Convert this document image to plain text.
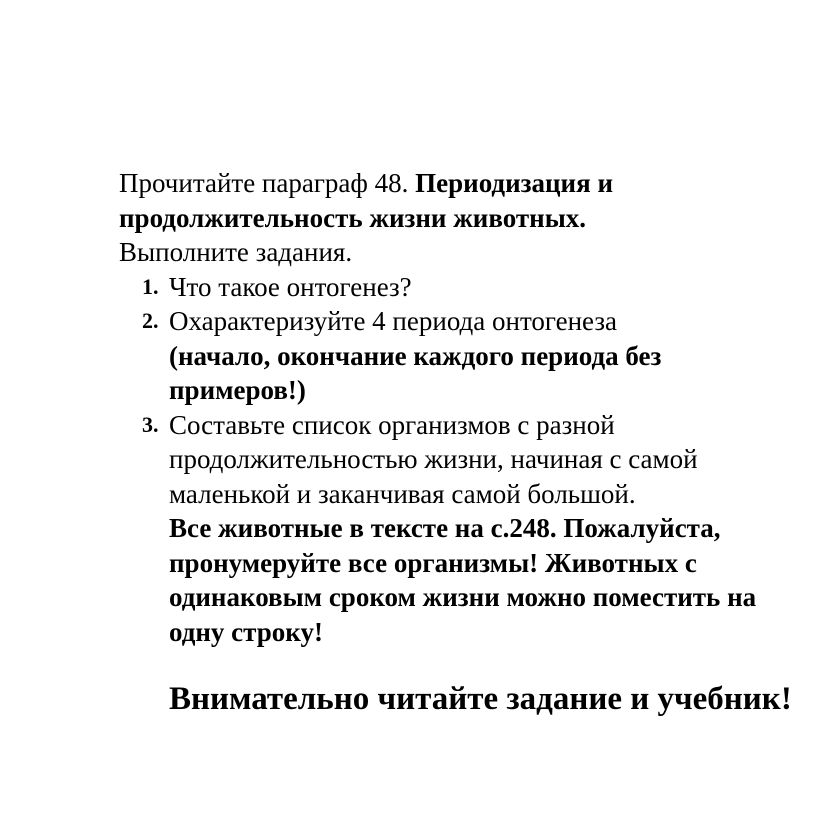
Прочитайте параграф 48. Периодизация и продолжительность жизни животных.
Выполните задания.

1. Что такое онтогенез?
2. Охарактеризуйте 4 периода онтогенеза
(начало, окончание каждого периода без примеров!)
3. Составьте список организмов с разной продолжительностью жизни, начиная с самой маленькой и заканчивая самой большой.
Все животные в тексте на с.248. Пожалуйста, пронумеруйте все организмы! Животных с одинаковым сроком жизни можно поместить на одну строку!

Внимательно читайте задание и учебник!
